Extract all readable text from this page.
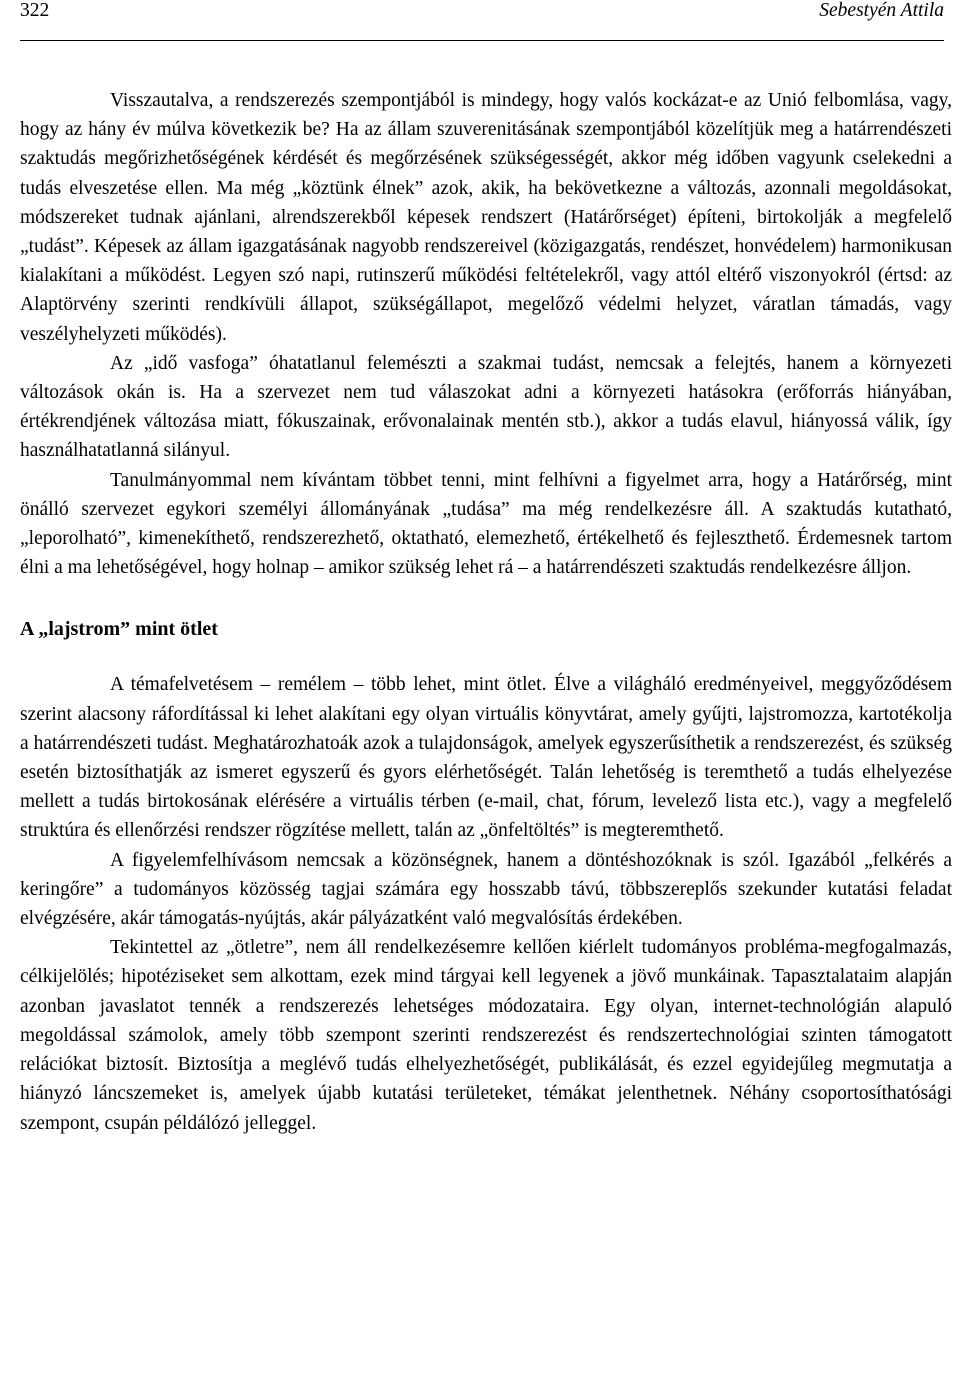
322	Sebestyén Attila

Visszautalva, a rendszerezés szempontjából is mindegy, hogy valós kockázat-e az Unió felbomlása, vagy, hogy az hány év múlva következik be? Ha az állam szuverenitásának szempontjából közelítjük meg a határrendészeti szaktudás megőrizhetőségének kérdését és megőrzésének szükségességét, akkor még időben vagyunk cselekedni a tudás elveszetése ellen. Ma még „köztünk élnek” azok, akik, ha bekövetkezne a változás, azonnali megoldásokat, módszereket tudnak ajánlani, alrendszerekből képesek rendszert (Határőrséget) építeni, birtokolják a megfelelő „tudást”. Képesek az állam igazgatásának nagyobb rendszereivel (közigazgatás, rendészet, honvédelem) harmonikusan kialakítani a működést. Legyen szó napi, rutinszerű működési feltételekről, vagy attól eltérő viszonyokról (értsd: az Alaptörvény szerinti rendkívüli állapot, szükségállapot, megelőző védelmi helyzet, váratlan támadás, vagy veszélyhelyzeti működés).

Az „idő vasfoga” óhatatlanul felemészti a szakmai tudást, nemcsak a felejtés, hanem a környezeti változások okán is. Ha a szervezet nem tud válaszokat adni a környezeti hatásokra (erőforrás hiányában, értékrendjének változása miatt, fókuszainak, erővonalainak mentén stb.), akkor a tudás elavul, hiányossá válik, így használhatatlanná silányul.

Tanulmányommal nem kívántam többet tenni, mint felhívni a figyelmet arra, hogy a Határőrség, mint önálló szervezet egykori személyi állományának „tudása” ma még rendelkezésre áll. A szaktudás kutatható, „leporolható”, kimenekíthető, rendszerezhető, oktatható, elemezhető, értékelhető és fejleszthető. Érdemesnek tartom élni a ma lehetőségével, hogy holnap – amikor szükség lehet rá – a határrendészeti szaktudás rendelkezésre álljon.

A „lajstrom” mint ötlet

A témafelvetésem – remélem – több lehet, mint ötlet. Élve a világháló eredményeivel, meggyőződésem szerint alacsony ráfordítással ki lehet alakítani egy olyan virtuális könyvtárat, amely gyűjti, lajstromozza, kartotékolja a határrendészeti tudást. Meghatározhatoák azok a tulajdonságok, amelyek egyszerűsíthetik a rendszerezést, és szükség esetén biztosíthatják az ismeret egyszerű és gyors elérhetőségét. Talán lehetőség is teremthető a tudás elhelyezése mellett a tudás birtokosának elérésére a virtuális térben (e-mail, chat, fórum, levelező lista etc.), vagy a megfelelő struktúra és ellenőrzési rendszer rögzítése mellett, talán az „önfeltöltés” is megteremthető.

A figyelemfelhívásom nemcsak a közönségnek, hanem a döntéshozóknak is szól. Igazából „felkérés a keringőre” a tudományos közösség tagjai számára egy hosszabb távú, többszereplős szekunder kutatási feladat elvégzésére, akár támogatás-nyújtás, akár pályázatként való megvalósítás érdekében.

Tekintettel az „ötletre”, nem áll rendelkezésemre kellően kiérlelt tudományos probléma-megfogalmazás, célkijelölés; hipotéziseket sem alkottam, ezek mind tárgyai kell legyenek a jövő munkáinak. Tapasztalataim alapján azonban javaslatot tennék a rendszerezés lehetséges módozataira. Egy olyan, internet-technológián alapuló megoldással számolok, amely több szempont szerinti rendszerezést és rendszertechnológiai szinten támogatott relációkat biztosít. Biztosítja a meglévő tudás elhelyezhetőségét, publikálását, és ezzel egyidejűleg megmutatja a hiányzó láncszemeket is, amelyek újabb kutatási területeket, témákat jelenthetnek. Néhány csoportosíthatósági szempont, csupán példálózó jelleggel.
